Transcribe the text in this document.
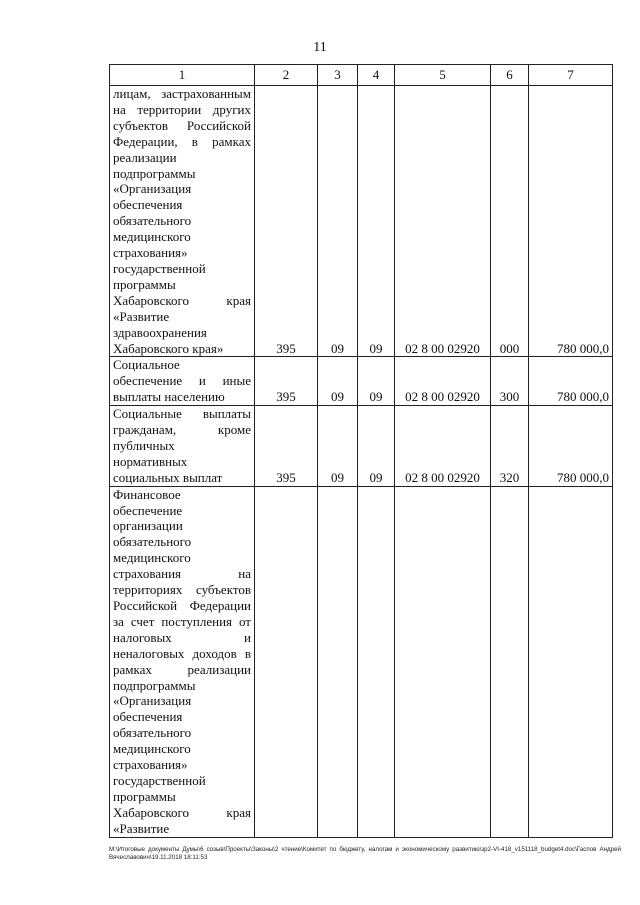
11
1	2	3	4	5	6	7
лицам, застрахованным на территории других субъектов Российской Федерации, в рамках реализации подпрограммы «Организация обеспечения обязательного медицинского страхования» государственной программы Хабаровского края «Развитие здравоохранения Хабаровского края»	395	09	09	02 8 00 02920	000	780 000,0
Социальное обеспечение и иные выплаты населению	395	09	09	02 8 00 02920	300	780 000,0
Социальные выплаты гражданам, кроме публичных нормативных социальных выплат	395	09	09	02 8 00 02920	320	780 000,0
Финансовое обеспечение организации обязательного медицинского страхования на территориях субъектов Российской Федерации за счет поступления от налоговых и неналоговых доходов в рамках реализации подпрограммы «Организация обеспечения обязательного медицинского страхования» государственной программы Хабаровского края «Развитие						
M:\Итоговые документы Думы\6 созыв\Проекты\Законы\2 чтение\Комитет по бюджету, налогам и экономическому развитию\зр2-VI-418_v151118_budget4.doc\Гаспов Андрей Вячеславович\19.11.2018 18:11:53
